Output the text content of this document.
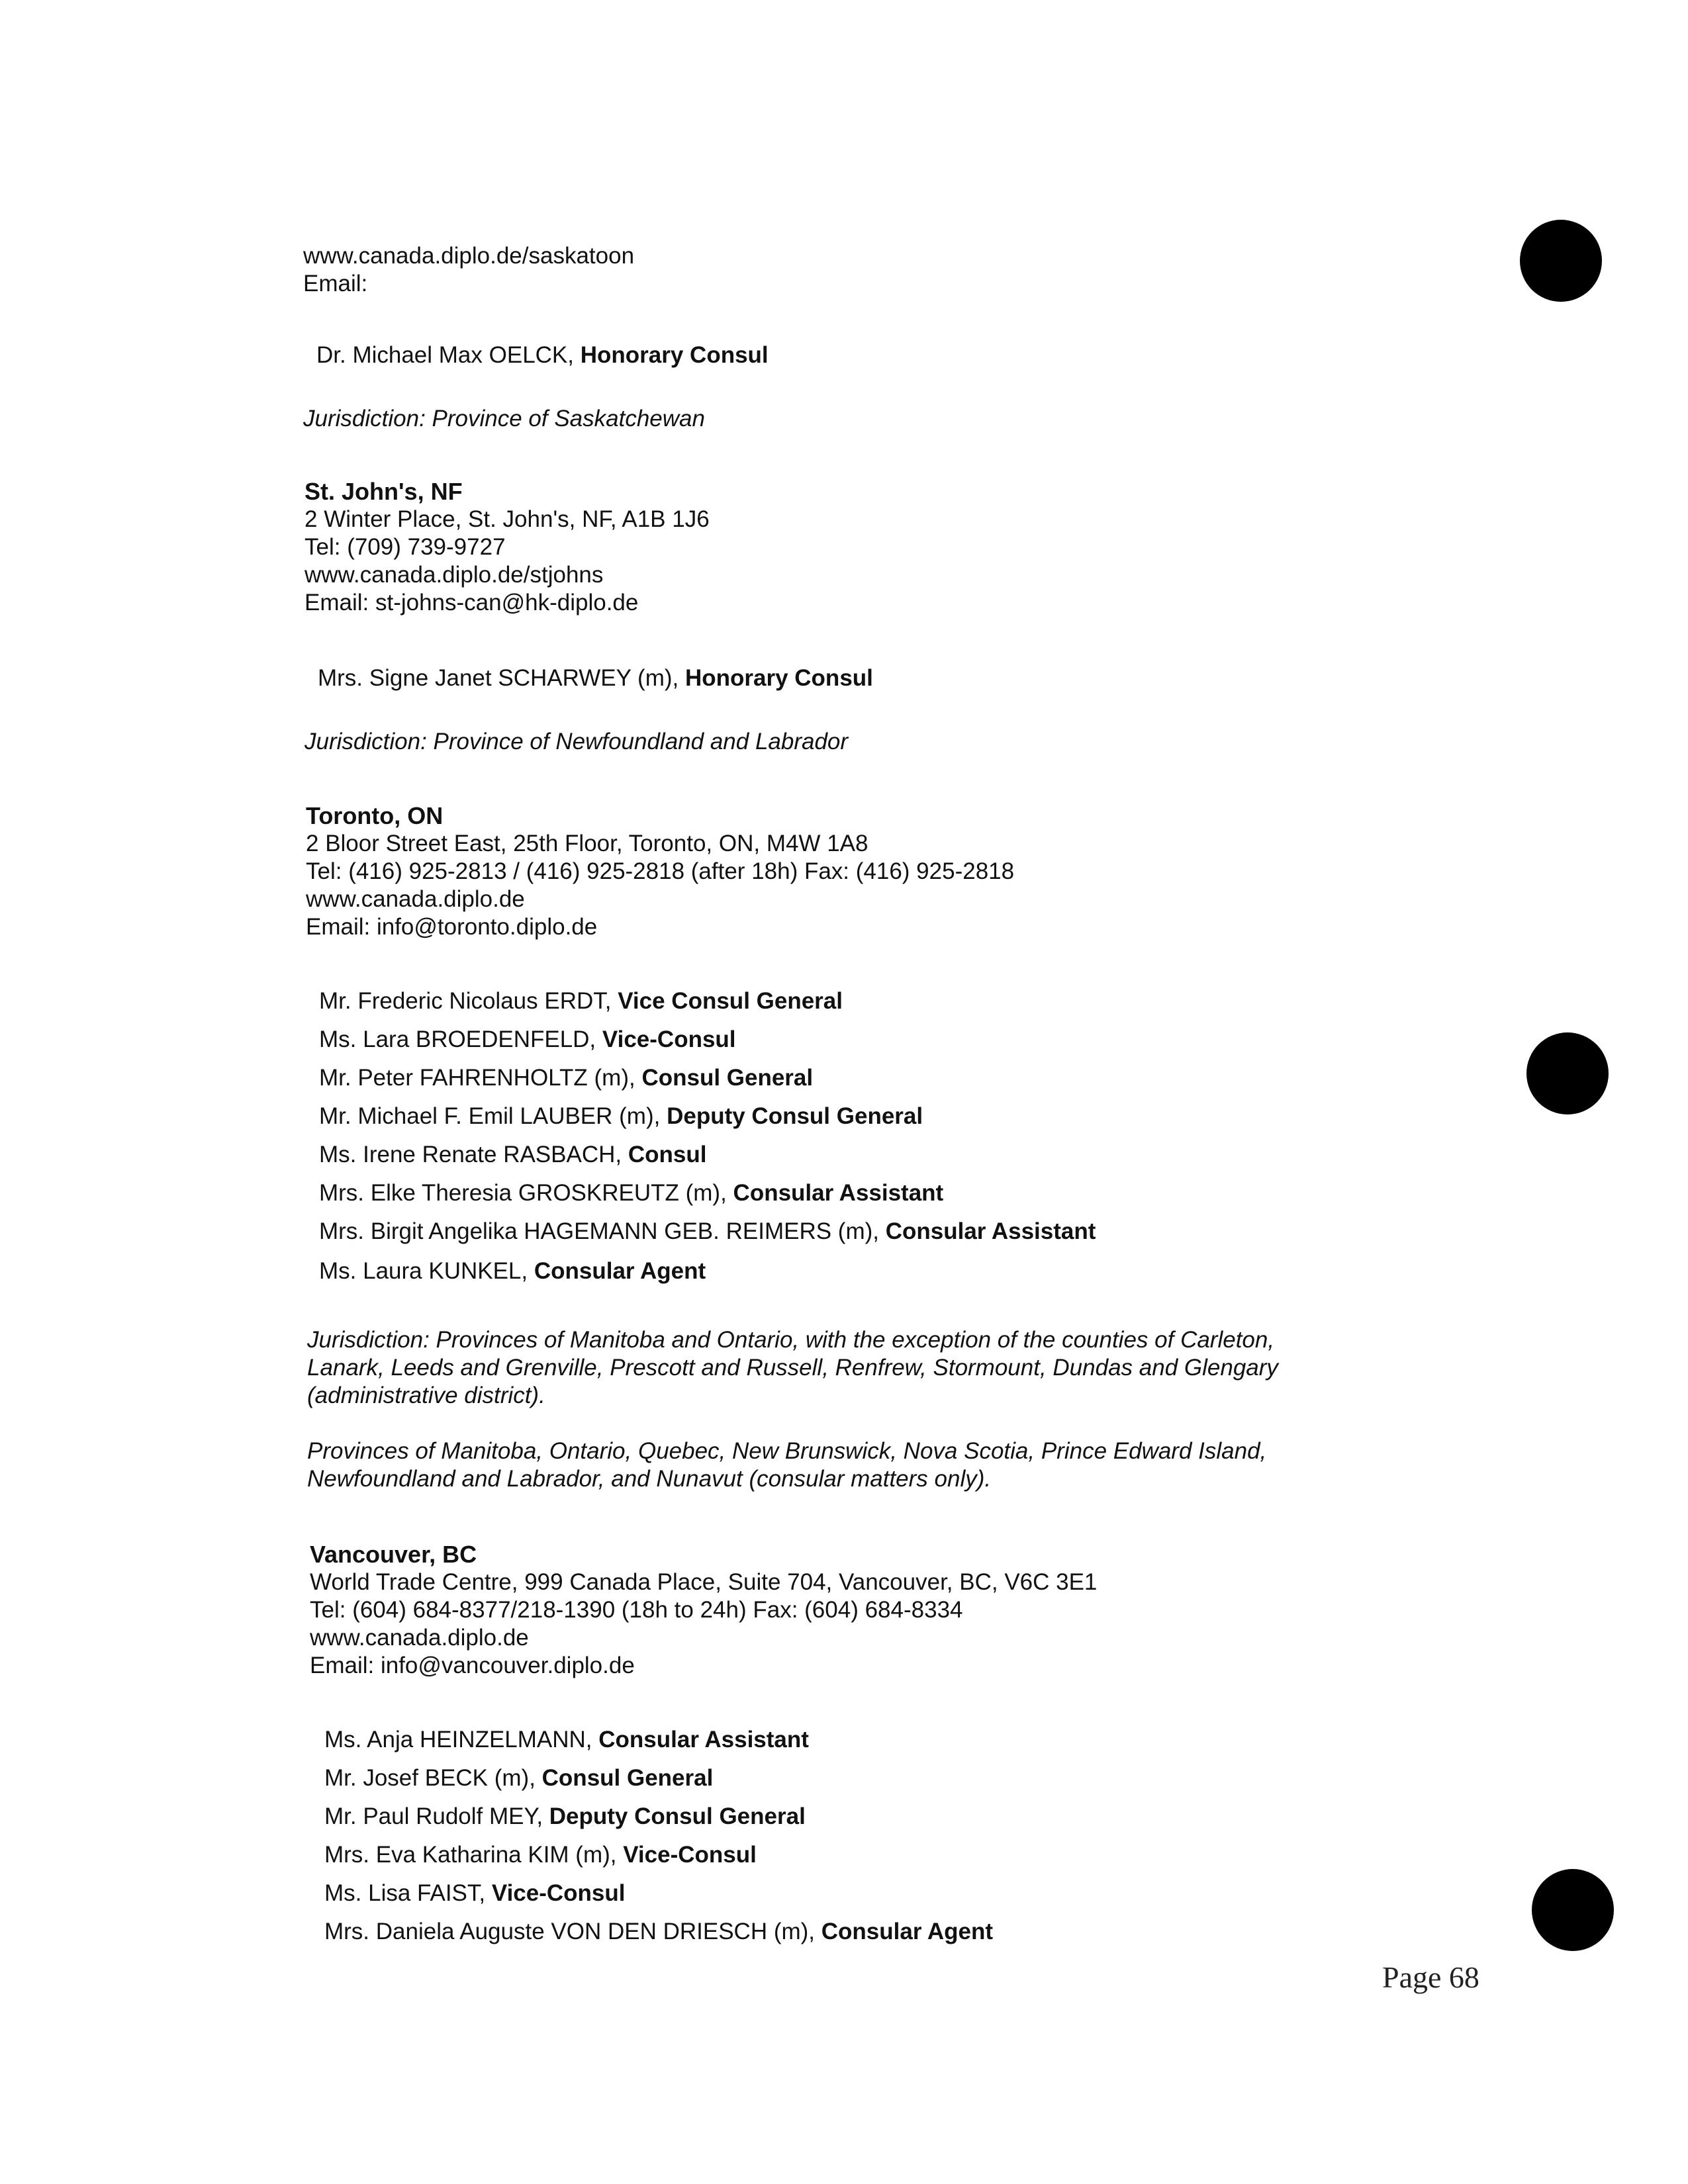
www.canada.diplo.de/saskatoon
Email:
Dr. Michael Max OELCK, Honorary Consul
Jurisdiction: Province of Saskatchewan
St. John's, NF
2 Winter Place, St. John's, NF, A1B 1J6
Tel: (709) 739-9727
www.canada.diplo.de/stjohns
Email: st-johns-can@hk-diplo.de
Mrs. Signe Janet SCHARWEY (m), Honorary Consul
Jurisdiction: Province of Newfoundland and Labrador
Toronto, ON
2 Bloor Street East, 25th Floor, Toronto, ON, M4W 1A8
Tel: (416) 925-2813 / (416) 925-2818 (after 18h) Fax: (416) 925-2818
www.canada.diplo.de
Email: info@toronto.diplo.de
Mr. Frederic Nicolaus ERDT, Vice Consul General
Ms. Lara BROEDENFELD, Vice-Consul
Mr. Peter FAHRENHOLTZ (m), Consul General
Mr. Michael F. Emil LAUBER (m), Deputy Consul General
Ms. Irene Renate RASBACH, Consul
Mrs. Elke Theresia GROSKREUTZ (m), Consular Assistant
Mrs. Birgit Angelika HAGEMANN GEB. REIMERS (m), Consular Assistant
Ms. Laura KUNKEL, Consular Agent
Jurisdiction: Provinces of Manitoba and Ontario, with the exception of the counties of Carleton,
Lanark, Leeds and Grenville, Prescott and Russell, Renfrew, Stormount, Dundas and Glengary
(administrative district).
Provinces of Manitoba, Ontario, Quebec, New Brunswick, Nova Scotia, Prince Edward Island,
Newfoundland and Labrador, and Nunavut (consular matters only).
Vancouver, BC
World Trade Centre, 999 Canada Place, Suite 704, Vancouver, BC, V6C 3E1
Tel: (604) 684-8377/218-1390 (18h to 24h) Fax: (604) 684-8334
www.canada.diplo.de
Email: info@vancouver.diplo.de
Ms. Anja HEINZELMANN, Consular Assistant
Mr. Josef BECK (m), Consul General
Mr. Paul Rudolf MEY, Deputy Consul General
Mrs. Eva Katharina KIM (m), Vice-Consul
Ms. Lisa FAIST, Vice-Consul
Mrs. Daniela Auguste VON DEN DRIESCH (m), Consular Agent
Page 68
